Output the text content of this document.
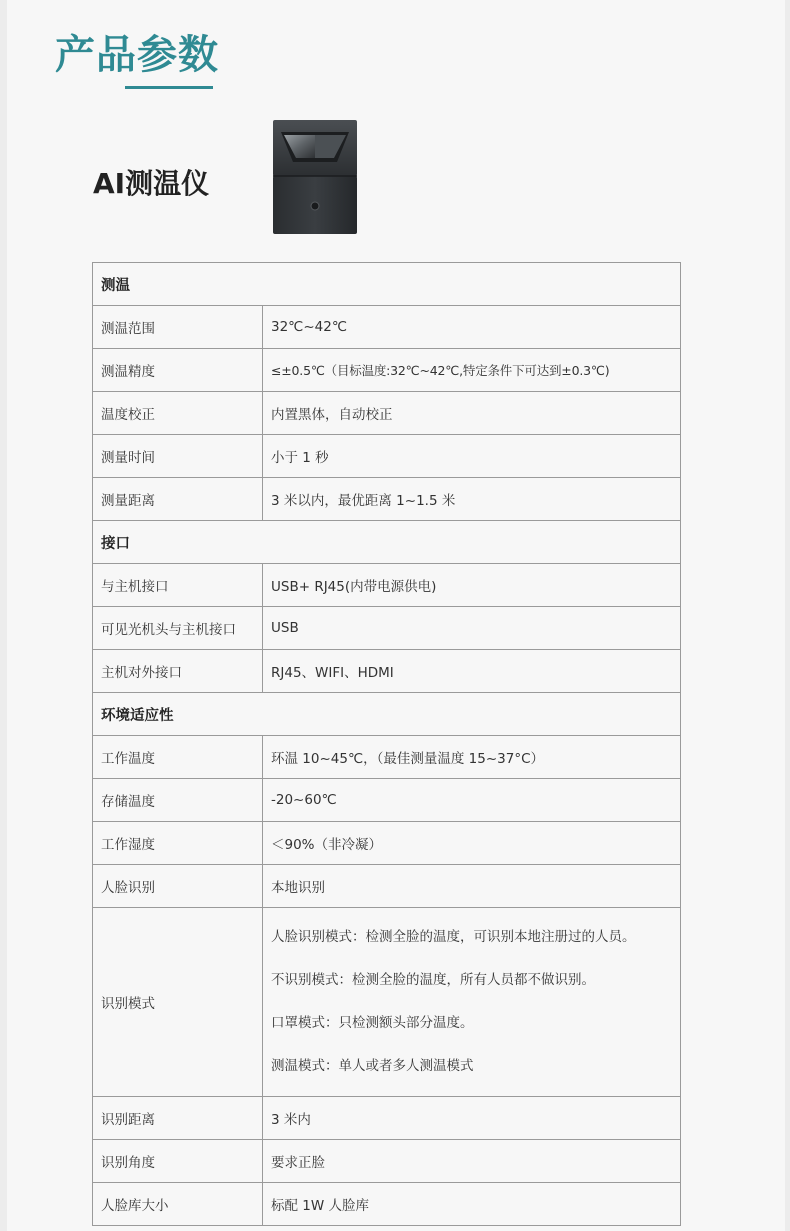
产品参数
AI测温仪
测温	
测温范围	32℃~42℃
测温精度	≤±0.5℃（目标温度:32℃~42℃,特定条件下可达到±0.3℃)
温度校正	内置黑体，自动校正
测量时间	小于 1 秒
测量距离	3 米以内，最优距离 1~1.5 米
接口	
与主机接口	USB+ RJ45(内带电源供电)
可见光机头与主机接口	USB
主机对外接口	RJ45、WIFI、HDMI
环境适应性	
工作温度	环温 10~45℃，（最佳测量温度 15~37°C）
存储温度	-20~60℃
工作湿度	＜90%（非冷凝）
人脸识别	本地识别
识别模式	人脸识别模式：检测全脸的温度，可识别本地注册过的人员。
不识别模式：检测全脸的温度，所有人员都不做识别。
口罩模式：只检测额头部分温度。
测温模式：单人或者多人测温模式

识别距离	3 米内
识别角度	要求正脸
人脸库大小	标配 1W 人脸库
